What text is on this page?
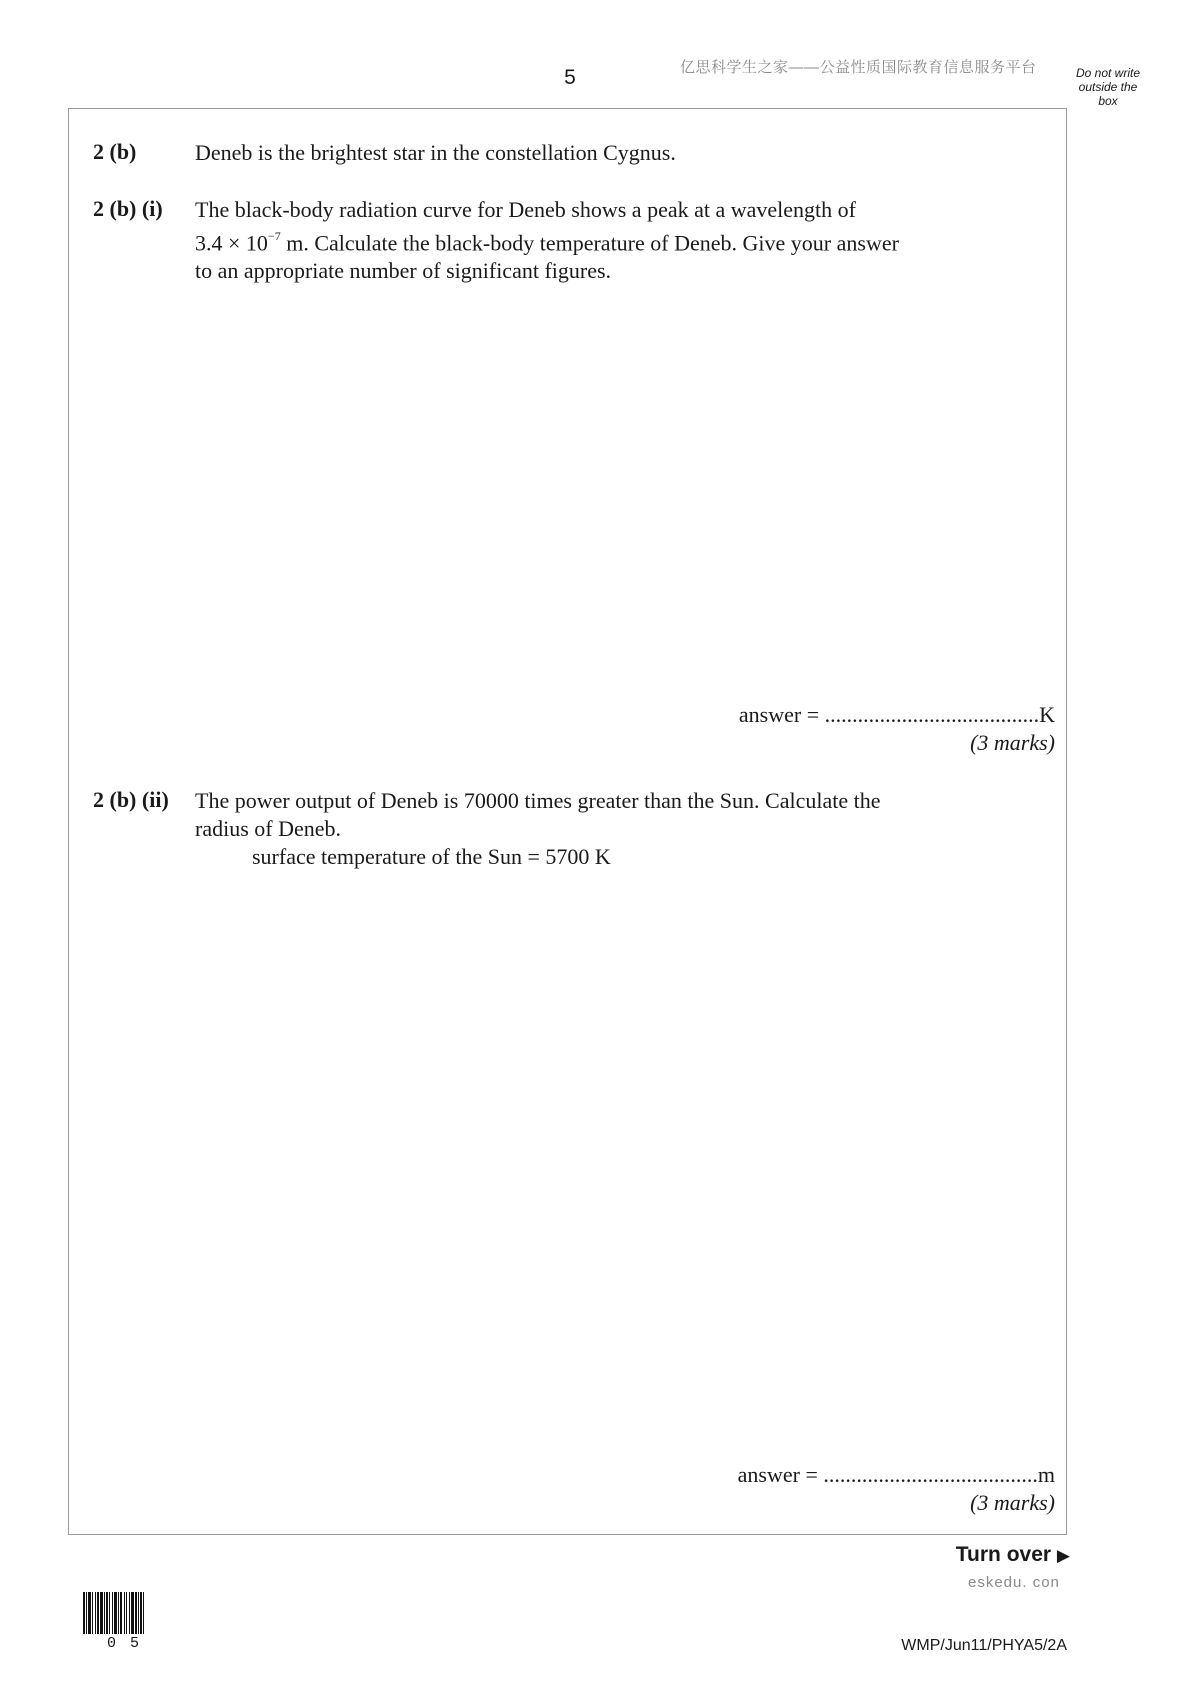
5	亿思科学生之家——公益性质国际教育信息服务平台	Do not write
outside the
box
2 (b)	Deneb is the brightest star in the constellation Cygnus.
2 (b) (i) The black-body radiation curve for Deneb shows a peak at a wavelength of
$3.4 \times 10^{-7}$ m. Calculate the black-body temperature of Deneb. Give your answer
to an appropriate number of significant figures.
answer = .......................................K
(3 marks)
2 (b) (ii) The power output of Deneb is 70000 times greater than the Sun. Calculate the
radius of Deneb.
surface temperature of the Sun = 5700 K
answer = .......................................m
(3 marks)
Turn over ▶
eskedu. con
05	WMP/Jun11/PHYA5/2A
